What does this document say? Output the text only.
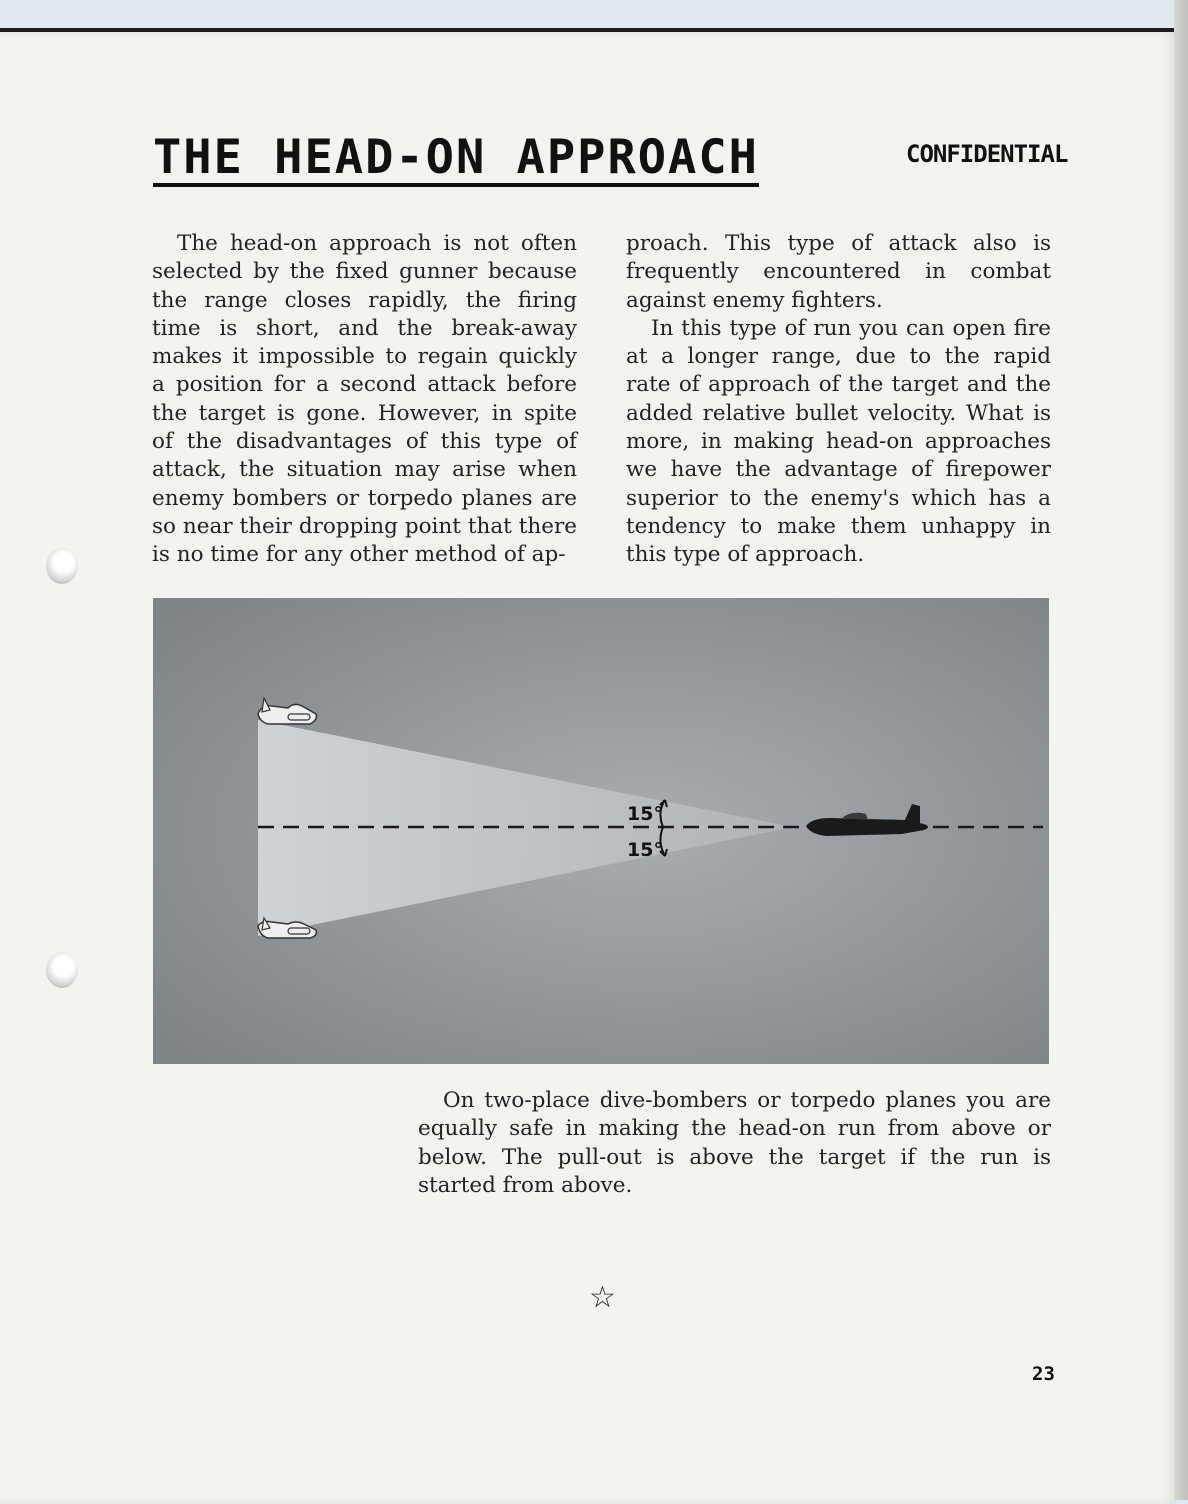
THE HEAD-ON APPROACH	CONFIDENTIAL

The head-on approach is not often selected by the fixed gunner because the range closes rapidly, the firing time is short, and the break-away makes it impossible to regain quickly a position for a second attack before the target is gone. However, in spite of the disadvantages of this type of attack, the situation may arise when enemy bombers or torpedo planes are so near their dropping point that there is no time for any other method of ap-

proach. This type of attack also is frequently encountered in combat against enemy fighters.

In this type of run you can open fire at a longer range, due to the rapid rate of approach of the target and the added relative bullet velocity. What is more, in making head-on approaches we have the advantage of firepower superior to the enemy's which has a tendency to make them unhappy in this type of approach.

15°
15°
On two-place dive-bombers or torpedo planes you are equally safe in making the head-on run from above or below. The pull-out is above the target if the run is started from above.
☆
23
